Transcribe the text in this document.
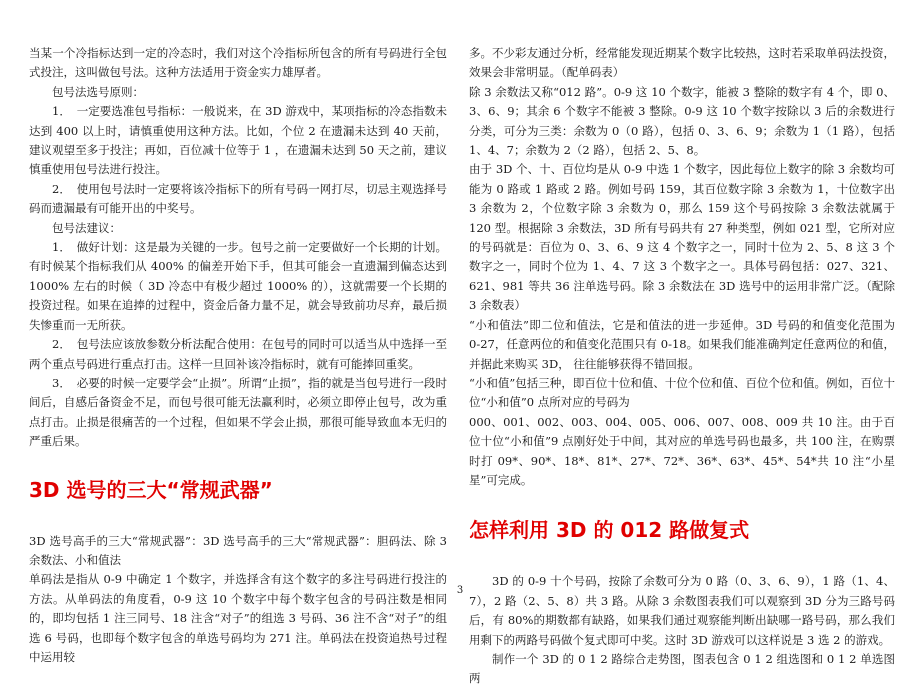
当某一个冷指标达到一定的冷态时，我们对这个冷指标所包含的所有号码进行全包式投注，这叫做包号法。这种方法适用于资金实力雄厚者。

包号法选号原则：

1．　一定要选准包号指标：一般说来，在 3D 游戏中，某项指标的冷态指数未达到 400 以上时，请慎重使用这种方法。比如，个位 2 在遗漏未达到 40 天前，建议观望至多于投注；再如，百位减十位等于 1 ，在遗漏未达到 50 天之前，建议慎重使用包号法进行投注。

2．　使用包号法时一定要将该冷指标下的所有号码一网打尽，切忌主观选择号码而遗漏最有可能开出的中奖号。

包号法建议：

1．　做好计划：这是最为关键的一步。包号之前一定要做好一个长期的计划。有时候某个指标我们从 400% 的偏差开始下手，但其可能会一直遗漏到偏态达到 1000% 左右的时候（ 3D 冷态中有极少超过 1000% 的），这就需要一个长期的投资过程。如果在追捧的过程中，资金后备力量不足，就会导致前功尽弃，最后损失惨重而一无所获。

2．　包号法应该放参数分析法配合使用：在包号的同时可以适当从中选择一至两个重点号码进行重点打击。这样一旦回补该冷指标时，就有可能捧回重奖。

3．　必要的时候一定要学会“止损”。所谓“止损”，指的就是当包号进行一段时间后，自感后备资金不足，而包号很可能无法赢利时，必须立即停止包号，改为重点打击。止损是很痛苦的一个过程，但如果不学会止损，那很可能导致血本无归的严重后果。

3D 选号的三大“常规武器”

3D 选号高手的三大“常规武器”：3D 选号高手的三大“常规武器”：胆码法、除 3 余数法、小和值法

单码法是指从 0-9 中确定 1 个数字，并选择含有这个数字的多注号码进行投注的方法。从单码法的角度看，0-9 这 10 个数字中每个数字包含的号码注数是相同的，即均包括 1 注三同号、18 注含“对子”的组选 3 号码、36 注不含“对子”的组选 6 号码，也即每个数字包含的单选号码均为 271 注。单码法在投资追热号过程中运用较

多。不少彩友通过分析，经常能发现近期某个数字比较热，这时若采取单码法投资，效果会非常明显。（配单码表）

除 3 余数法又称“012 路”。0-9 这 10 个数字，能被 3 整除的数字有 4 个，即 0、3、6、9；其余 6 个数字不能被 3 整除。0-9 这 10 个数字按除以 3 后的余数进行分类，可分为三类：余数为 0（0 路），包括 0、3、6、9；余数为 1（1 路），包括 1、4、7；余数为 2（2 路），包括 2、5、8。

由于 3D 个、十、百位均是从 0-9 中选 1 个数字，因此每位上数字的除 3 余数均可能为 0 路或 1 路或 2 路。例如号码 159，其百位数字除 3 余数为 1，十位数字出 3 余数为 2，个位数字除 3 余数为 0，那么 159 这个号码按除 3 余数法就属于 120 型。根据除 3 余数法，3D 所有号码共有 27 种类型，例如 021 型，它所对应的号码就是：百位为 0、3、6、9 这 4 个数字之一，同时十位为 2、5、8 这 3 个数字之一，同时个位为 1、4、7 这 3 个数字之一。具体号码包括：027、321、621、981 等共 36 注单选号码。除 3 余数法在 3D 选号中的运用非常广泛。（配除 3 余数表）

“小和值法”即二位和值法，它是和值法的进一步延伸。3D 号码的和值变化范围为 0-27，任意两位的和值变化范围只有 0-18。如果我们能准确判定任意两位的和值，并据此来购买 3D， 往往能够获得不错回报。

“小和值”包括三种，即百位十位和值、十位个位和值、百位个位和值。例如，百位十位“小和值”0 点所对应的号码为

000、001、002、003、004、005、006、007、008、009 共 10 注。由于百位十位“小和值”9 点刚好处于中间，其对应的单选号码也最多，共 100 注，在购票时打 09*、90*、18*、81*、27*、72*、36*、63*、45*、54*共 10 注“小星星”可完成。

怎样利用 3D 的 012 路做复式

3D 的 0-9 十个号码，按除了余数可分为 0 路（0、3、6、9），1 路（1、4、7），2 路（2、5、8）共 3 路。从除 3 余数图表我们可以观察到 3D 分为三路号码后，有 80%的期数都有缺路，如果我们通过观察能判断出缺哪一路号码，那么我们用剩下的两路号码做个复式即可中奖。这时 3D 游戏可以这样说是 3 选 2 的游戏。

制作一个 3D 的 0 1 2 路综合走势图，图表包含 0 1 2 组选图和 0 1 2 单选图两

3
